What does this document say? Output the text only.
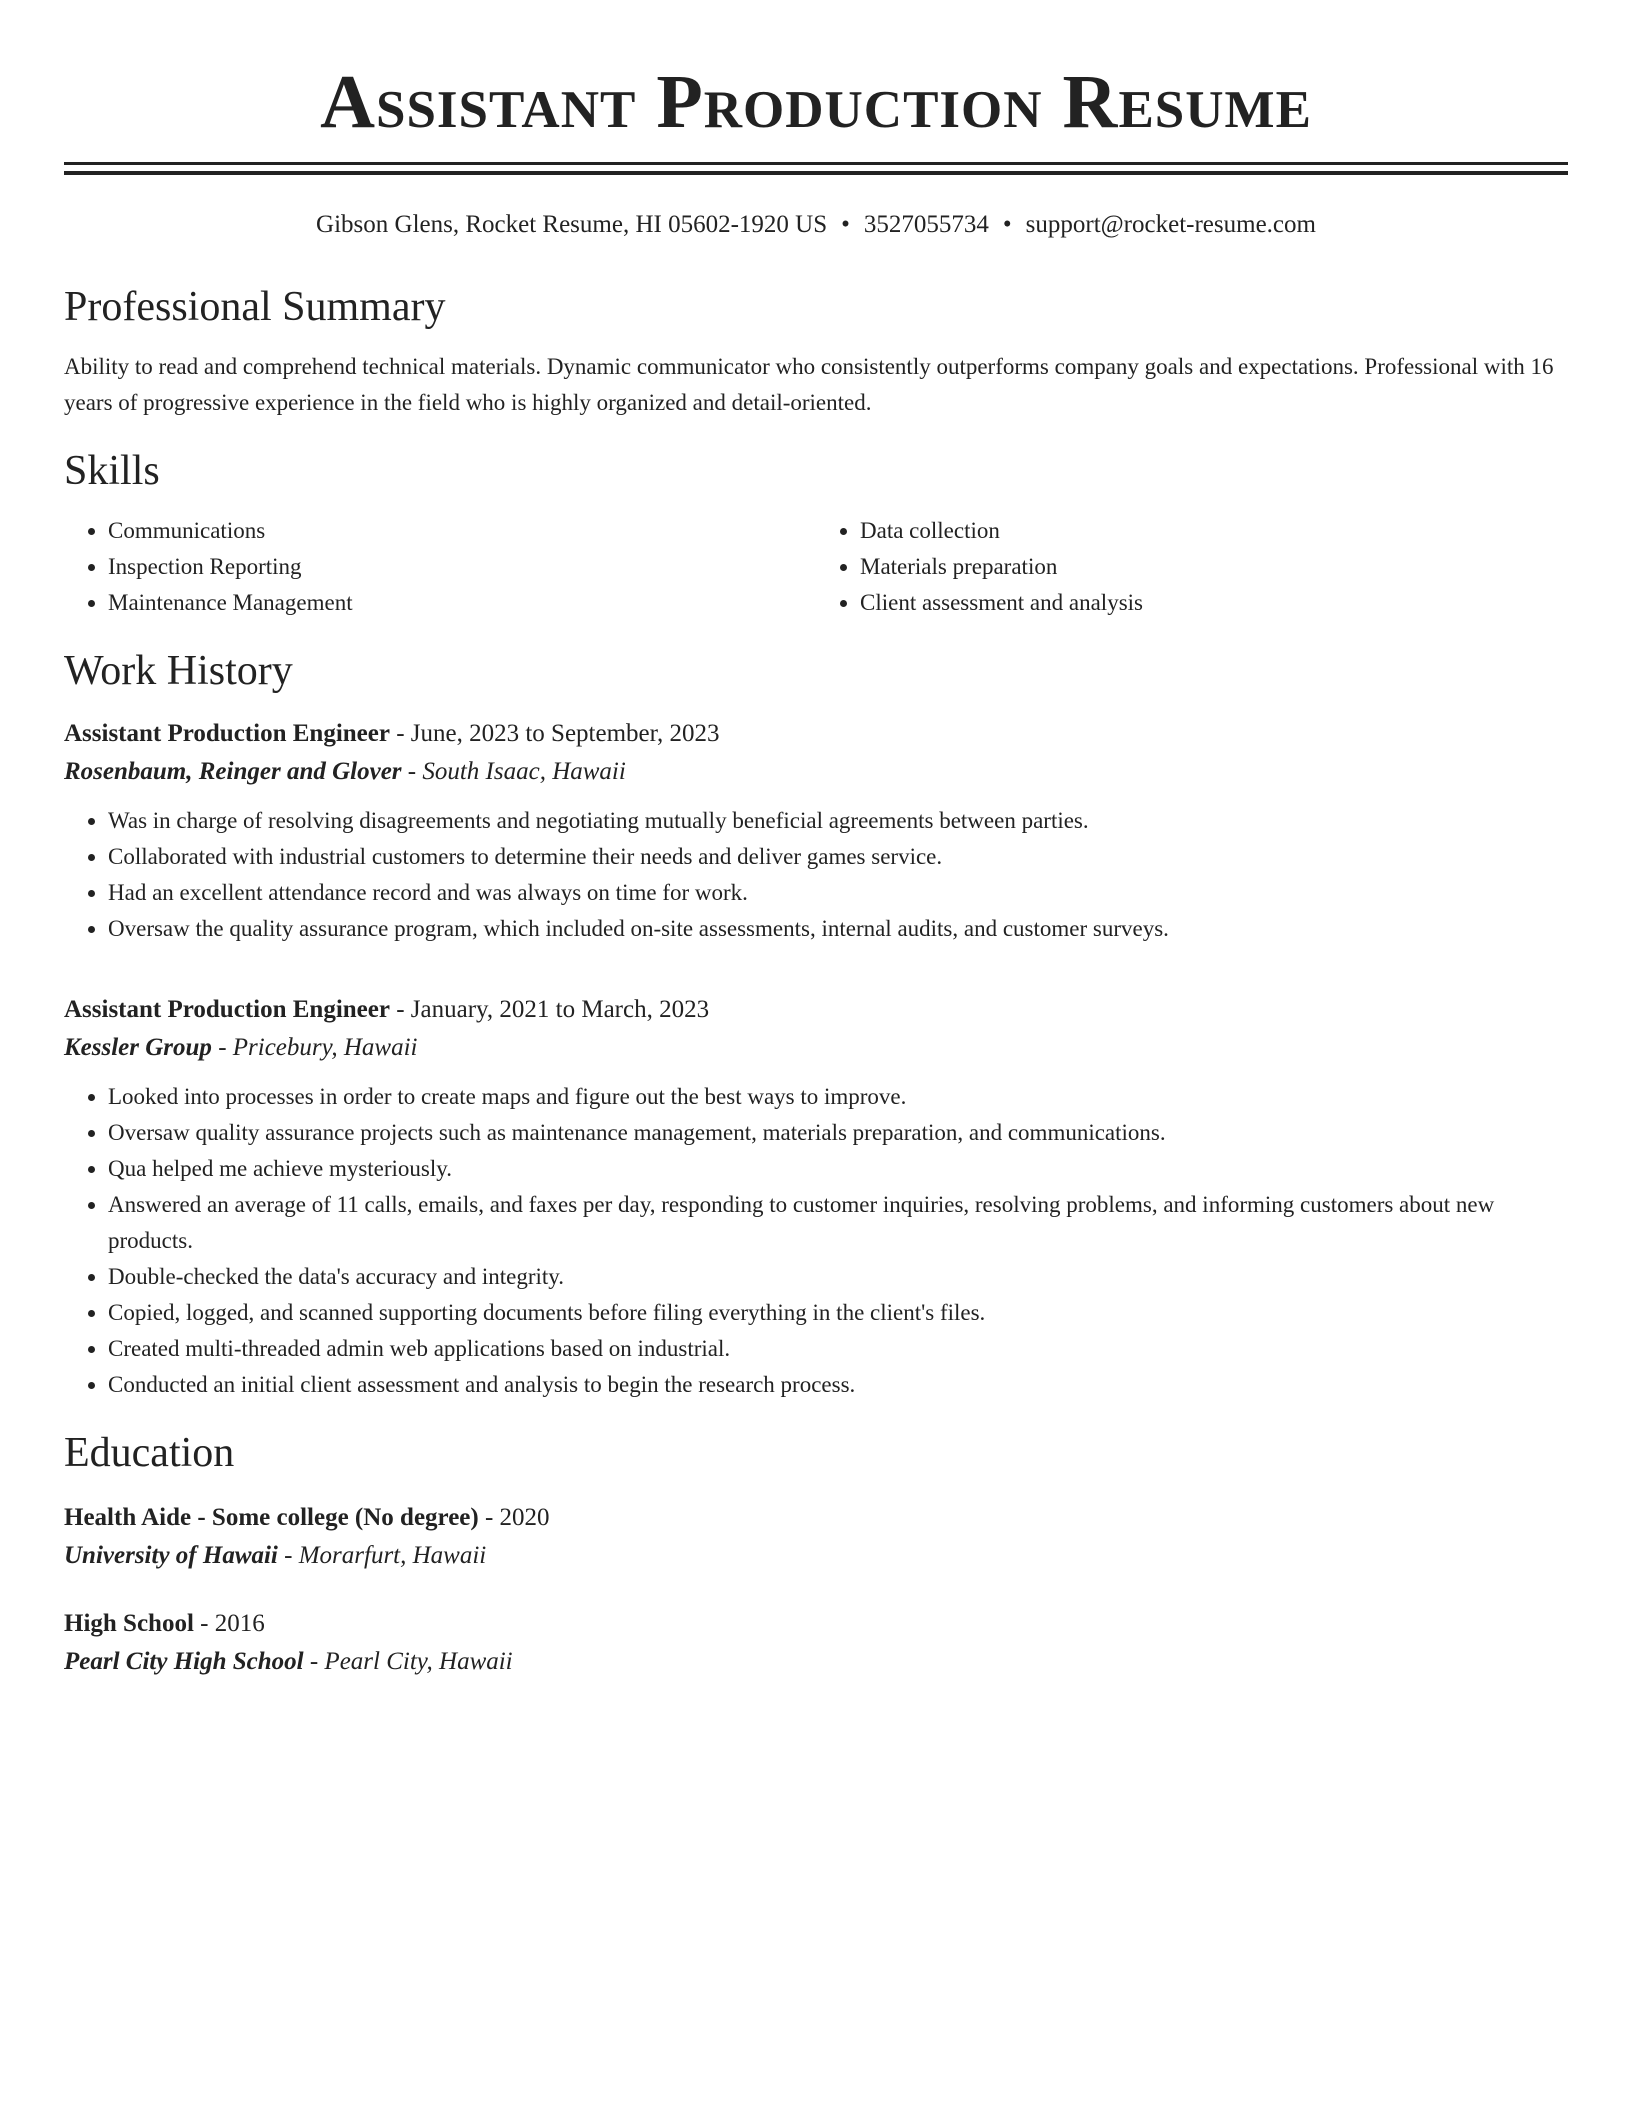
Assistant Production Resume
Gibson Glens, Rocket Resume, HI 05602-1920 US • 3527055734 • support@rocket-resume.com
Professional Summary
Ability to read and comprehend technical materials. Dynamic communicator who consistently outperforms company goals and expectations. Professional with 16 years of progressive experience in the field who is highly organized and detail-oriented.
Skills
• Communications
• Inspection Reporting
• Maintenance Management
• Data collection
• Materials preparation
• Client assessment and analysis
Work History
Assistant Production Engineer - June, 2023 to September, 2023
Rosenbaum, Reinger and Glover - South Isaac, Hawaii
• Was in charge of resolving disagreements and negotiating mutually beneficial agreements between parties.
• Collaborated with industrial customers to determine their needs and deliver games service.
• Had an excellent attendance record and was always on time for work.
• Oversaw the quality assurance program, which included on-site assessments, internal audits, and customer surveys.
Assistant Production Engineer - January, 2021 to March, 2023
Kessler Group - Pricebury, Hawaii
• Looked into processes in order to create maps and figure out the best ways to improve.
• Oversaw quality assurance projects such as maintenance management, materials preparation, and communications.
• Qua helped me achieve mysteriously.
• Answered an average of 11 calls, emails, and faxes per day, responding to customer inquiries, resolving problems, and informing customers about new products.
• Double-checked the data's accuracy and integrity.
• Copied, logged, and scanned supporting documents before filing everything in the client's files.
• Created multi-threaded admin web applications based on industrial.
• Conducted an initial client assessment and analysis to begin the research process.
Education
Health Aide - Some college (No degree) - 2020
University of Hawaii - Morarfurt, Hawaii
High School - 2016
Pearl City High School - Pearl City, Hawaii
